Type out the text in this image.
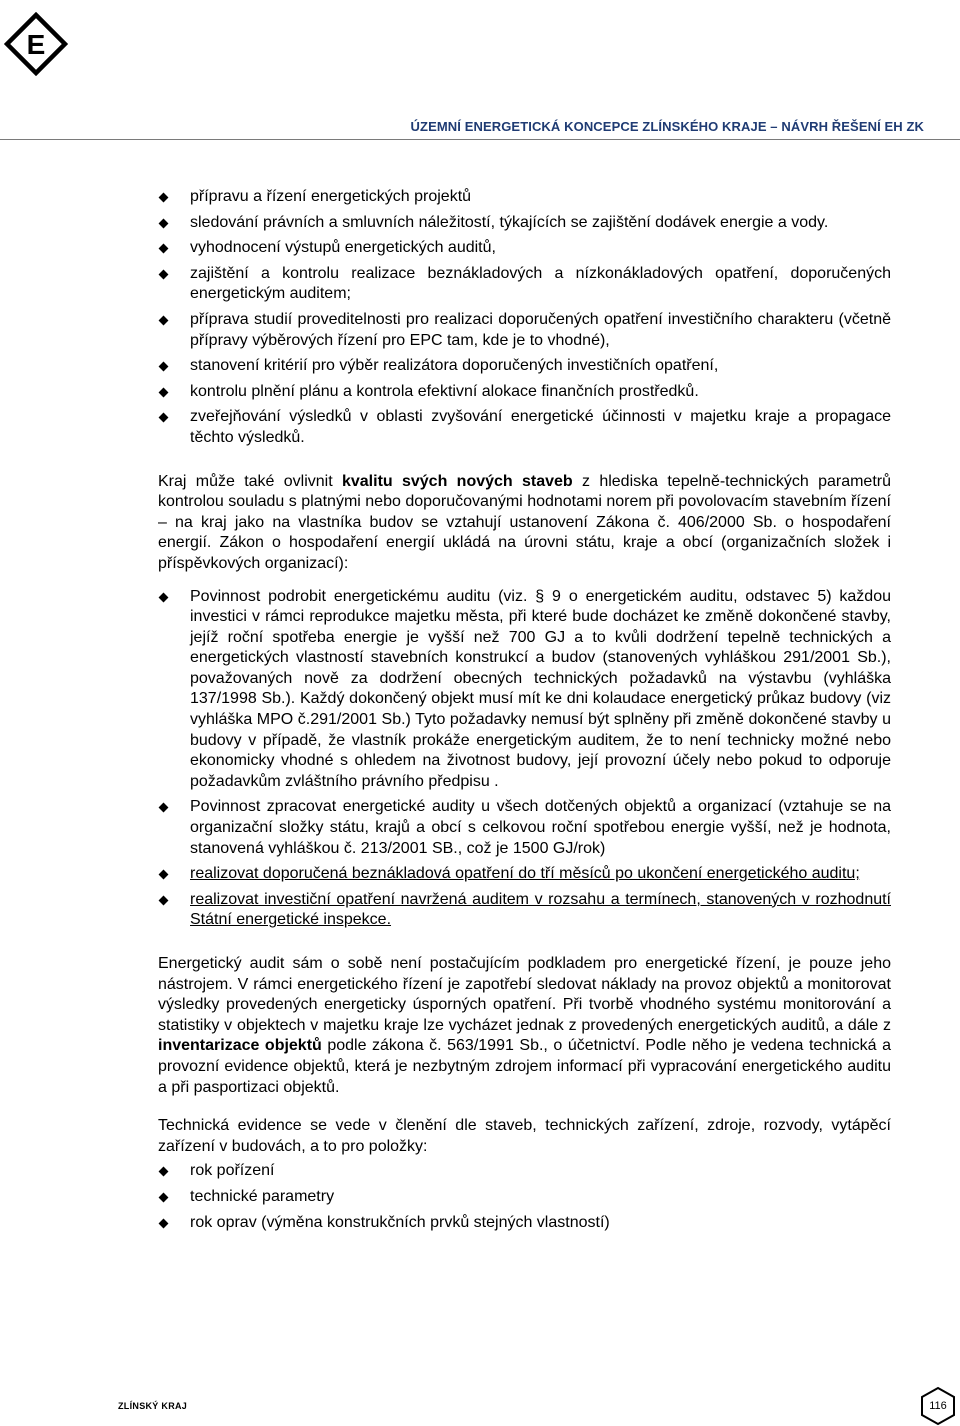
E
ÚZEMNÍ ENERGETICKÁ KONCEPCE ZLÍNSKÉHO KRAJE – NÁVRH ŘEŠENÍ EH ZK
přípravu a řízení energetických projektů
sledování právních a smluvních náležitostí, týkajících se zajištění dodávek energie a vody.
vyhodnocení výstupů energetických auditů,
zajištění a kontrolu realizace beznákladových a nízkonákladových opatření, doporučených energetickým auditem;
příprava studií proveditelnosti pro realizaci doporučených opatření investičního charakteru (včetně přípravy výběrových řízení pro EPC tam, kde je to vhodné),
stanovení kritérií pro výběr realizátora doporučených investičních opatření,
kontrolu plnění plánu a kontrola efektivní alokace finančních prostředků.
zveřejňování výsledků v oblasti zvyšování energetické účinnosti v majetku kraje a propagace těchto výsledků.

Kraj může také ovlivnit kvalitu svých nových staveb z hlediska tepelně-technických parametrů kontrolou souladu s platnými nebo doporučovanými hodnotami norem při povolovacím stavebním řízení – na kraj jako na vlastníka budov se vztahují ustanovení Zákona č. 406/2000 Sb. o hospodaření energií. Zákon o hospodaření energií ukládá na úrovni státu, kraje a obcí (organizačních složek i příspěvkových organizací):

Povinnost podrobit energetickému auditu (viz. § 9 o energetickém auditu, odstavec 5) každou investici v rámci reprodukce majetku města, při které bude docházet ke změně dokončené stavby, jejíž roční spotřeba energie je vyšší než 700 GJ a to kvůli dodržení tepelně technických a energetických vlastností stavebních konstrukcí a budov (stanovených vyhláškou 291/2001 Sb.), považovaných nově za dodržení obecných technických požadavků na výstavbu (vyhláška 137/1998 Sb.). Každý dokončený objekt musí mít ke dni kolaudace energetický průkaz budovy (viz vyhláška MPO č.291/2001 Sb.) Tyto požadavky nemusí být splněny při změně dokončené stavby u budovy v případě, že vlastník prokáže energetickým auditem, že to není technicky možné nebo ekonomicky vhodné s ohledem na životnost budovy, její provozní účely nebo pokud to odporuje požadavkům zvláštního právního předpisu .
Povinnost zpracovat energetické audity u všech dotčených objektů a organizací (vztahuje se na organizační složky státu, krajů a obcí s celkovou roční spotřebou energie vyšší, než je hodnota, stanovená vyhláškou č. 213/2001 SB., což je 1500 GJ/rok)
realizovat doporučená beznákladová opatření do tří měsíců po ukončení energetického auditu;
realizovat investiční opatření navržená auditem v rozsahu a termínech, stanovených v rozhodnutí Státní energetické inspekce.

Energetický audit sám o sobě není postačujícím podkladem pro energetické řízení, je pouze jeho nástrojem. V rámci energetického řízení je zapotřebí sledovat náklady na provoz objektů a monitorovat výsledky provedených energeticky úsporných opatření. Při tvorbě vhodného systému monitorování a statistiky v objektech v majetku kraje lze vycházet jednak z provedených energetických auditů, a dále z inventarizace objektů podle zákona č. 563/1991 Sb., o účetnictví. Podle něho je vedena technická a provozní evidence objektů, která je nezbytným zdrojem informací při vypracování energetického auditu a při pasportizaci objektů.

Technická evidence se vede v členění dle staveb, technických zařízení, zdroje, rozvody, vytápěcí zařízení v budovách, a to pro položky:

rok pořízení
technické parametry
rok oprav (výměna konstrukčních prvků stejných vlastností)
ZLÍNSKÝ KRAJ	116
